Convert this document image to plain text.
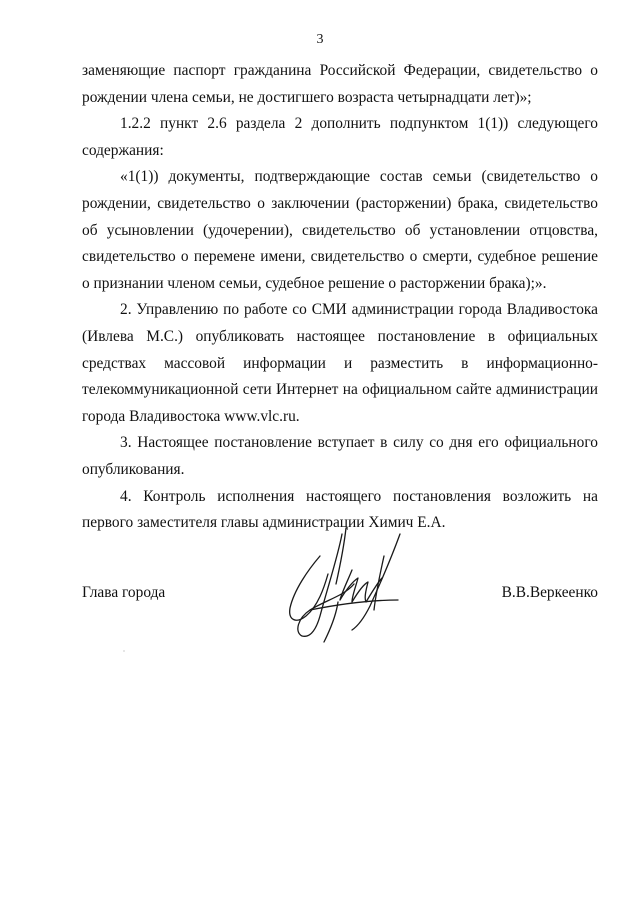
3

заменяющие паспорт гражданина Российской Федерации, свидетельство о рождении члена семьи, не достигшего возраста четырнадцати лет)»;

1.2.2 пункт 2.6 раздела 2 дополнить подпунктом 1(1)) следующего содержания:

«1(1)) документы, подтверждающие состав семьи (свидетельство о рождении, свидетельство о заключении (расторжении) брака, свидетельство об усыновлении (удочерении), свидетельство об установлении отцовства, свидетельство о перемене имени, свидетельство о смерти, судебное решение о признании членом семьи, судебное решение о расторжении брака);».

2. Управлению по работе со СМИ администрации города Владивостока (Ивлева М.С.) опубликовать настоящее постановление в официальных средствах массовой информации и разместить в информационно-телекоммуникационной сети Интернет на официальном сайте администрации города Владивостока www.vlc.ru.

3. Настоящее постановление вступает в силу со дня его официального опубликования.

4. Контроль исполнения настоящего постановления возложить на первого заместителя главы администрации Химич Е.А.

Глава города	В.В.Веркеенко
